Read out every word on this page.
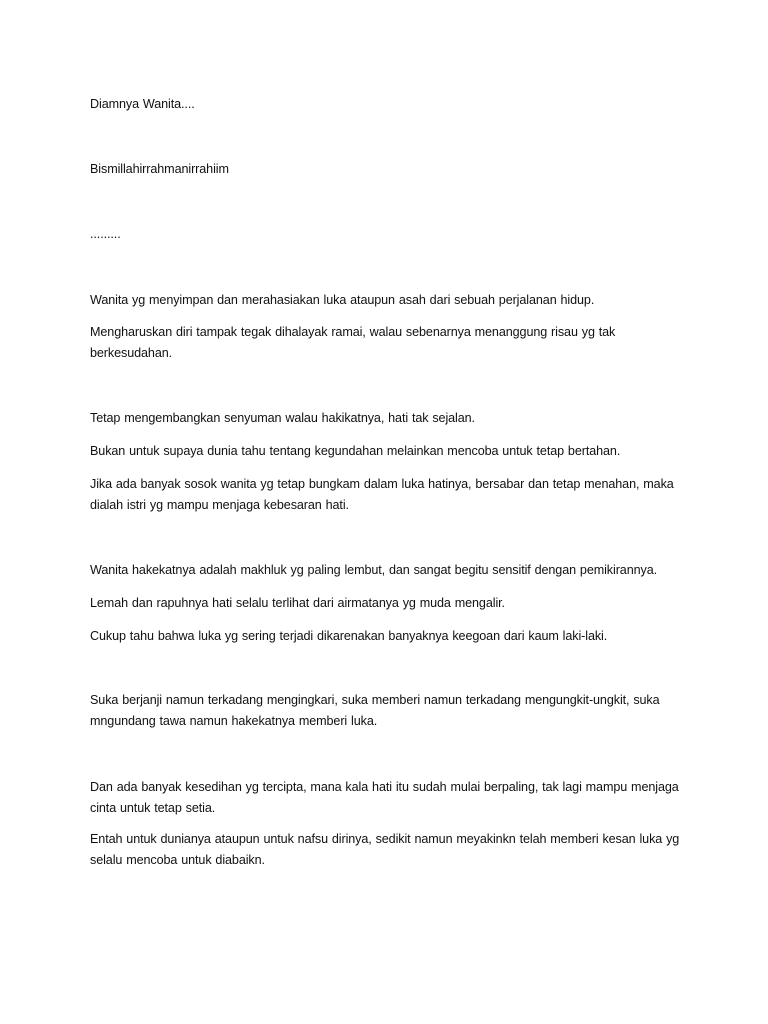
Diamnya Wanita....

Bismillahirrahmanirrahiim

.........

Wanita yg menyimpan dan merahasiakan luka ataupun asah dari sebuah perjalanan hidup.

Mengharuskan diri tampak tegak dihalayak ramai, walau sebenarnya menanggung risau yg tak berkesudahan.

Tetap mengembangkan senyuman walau hakikatnya, hati tak sejalan.

Bukan untuk supaya dunia tahu tentang kegundahan melainkan mencoba untuk tetap bertahan.

Jika ada banyak sosok wanita yg tetap bungkam dalam luka hatinya, bersabar dan tetap menahan, maka dialah istri yg mampu menjaga kebesaran hati.

Wanita hakekatnya adalah makhluk yg paling lembut, dan sangat begitu sensitif dengan pemikirannya.

Lemah dan rapuhnya hati selalu terlihat dari airmatanya yg muda mengalir.

Cukup tahu bahwa luka yg sering terjadi dikarenakan banyaknya keegoan dari kaum laki-laki.

Suka berjanji namun terkadang mengingkari, suka memberi namun terkadang mengungkit-ungkit, suka mngundang tawa namun hakekatnya memberi luka.

Dan ada banyak kesedihan yg tercipta, mana kala hati itu sudah mulai berpaling, tak lagi mampu menjaga cinta untuk tetap setia.

Entah untuk dunianya ataupun untuk nafsu dirinya, sedikit namun meyakinkn telah memberi kesan luka yg selalu mencoba untuk diabaikn.
